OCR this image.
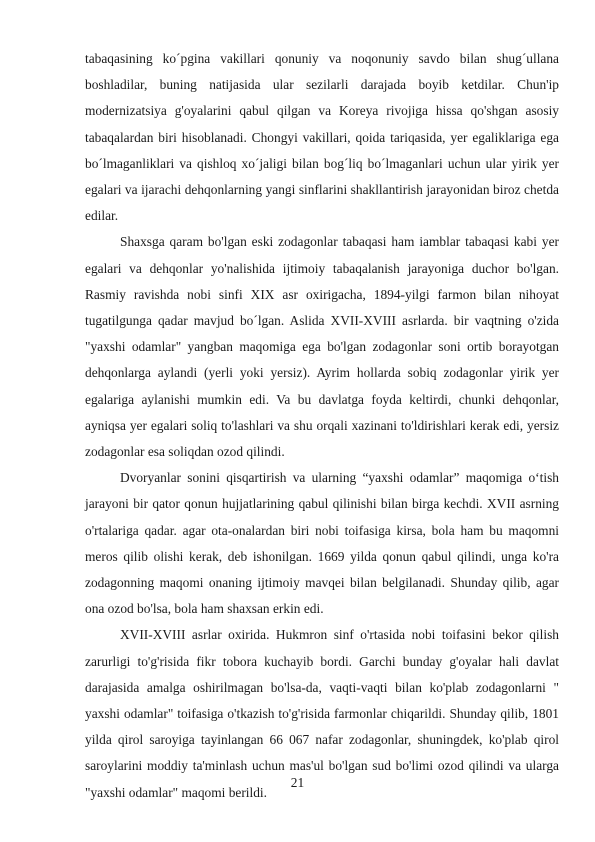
tabaqasining ko´pgina vakillari qonuniy va noqonuniy savdo bilan shug´ullana boshladilar, buning natijasida ular sezilarli darajada boyib ketdilar. Chun'ip modernizatsiya g'oyalarini qabul qilgan va Koreya rivojiga hissa qo'shgan asosiy tabaqalardan biri hisoblanadi. Chongyi vakillari, qoida tariqasida, yer egaliklariga ega bo´lmaganliklari va qishloq xo´jaligi bilan bog´liq bo´lmaganlari uchun ular yirik yer egalari va ijarachi dehqonlarning yangi sinflarini shakllantirish jarayonidan biroz chetda edilar.

Shaxsga qaram bo'lgan eski zodagonlar tabaqasi ham iamblar tabaqasi kabi yer egalari va dehqonlar yo'nalishida ijtimoiy tabaqalanish jarayoniga duchor bo'lgan. Rasmiy ravishda nobi sinfi XIX asr oxirigacha, 1894-yilgi farmon bilan nihoyat tugatilgunga qadar mavjud bo´lgan. Aslida XVII-XVIII asrlarda. bir vaqtning o'zida "yaxshi odamlar" yangban maqomiga ega bo'lgan zodagonlar soni ortib borayotgan dehqonlarga aylandi (yerli yoki yersiz). Ayrim hollarda sobiq zodagonlar yirik yer egalariga aylanishi mumkin edi. Va bu davlatga foyda keltirdi, chunki dehqonlar, ayniqsa yer egalari soliq to'lashlari va shu orqali xazinani to'ldirishlari kerak edi, yersiz zodagonlar esa soliqdan ozod qilindi.

Dvoryanlar sonini qisqartirish va ularning “yaxshi odamlar” maqomiga o‘tish jarayoni bir qator qonun hujjatlarining qabul qilinishi bilan birga kechdi. XVII asrning o'rtalariga qadar. agar ota-onalardan biri nobi toifasiga kirsa, bola ham bu maqomni meros qilib olishi kerak, deb ishonilgan. 1669 yilda qonun qabul qilindi, unga ko'ra zodagonning maqomi onaning ijtimoiy mavqei bilan belgilanadi. Shunday qilib, agar ona ozod bo'lsa, bola ham shaxsan erkin edi.

XVII-XVIII asrlar oxirida. Hukmron sinf o'rtasida nobi toifasini bekor qilish zarurligi to'g'risida fikr tobora kuchayib bordi. Garchi bunday g'oyalar hali davlat darajasida amalga oshirilmagan bo'lsa-da, vaqti-vaqti bilan ko'plab zodagonlarni " yaxshi odamlar" toifasiga o'tkazish to'g'risida farmonlar chiqarildi. Shunday qilib, 1801 yilda qirol saroyiga tayinlangan 66 067 nafar zodagonlar, shuningdek, ko'plab qirol saroylarini moddiy ta'minlash uchun mas'ul bo'lgan sud bo'limi ozod qilindi va ularga "yaxshi odamlar" maqomi berildi.

21
